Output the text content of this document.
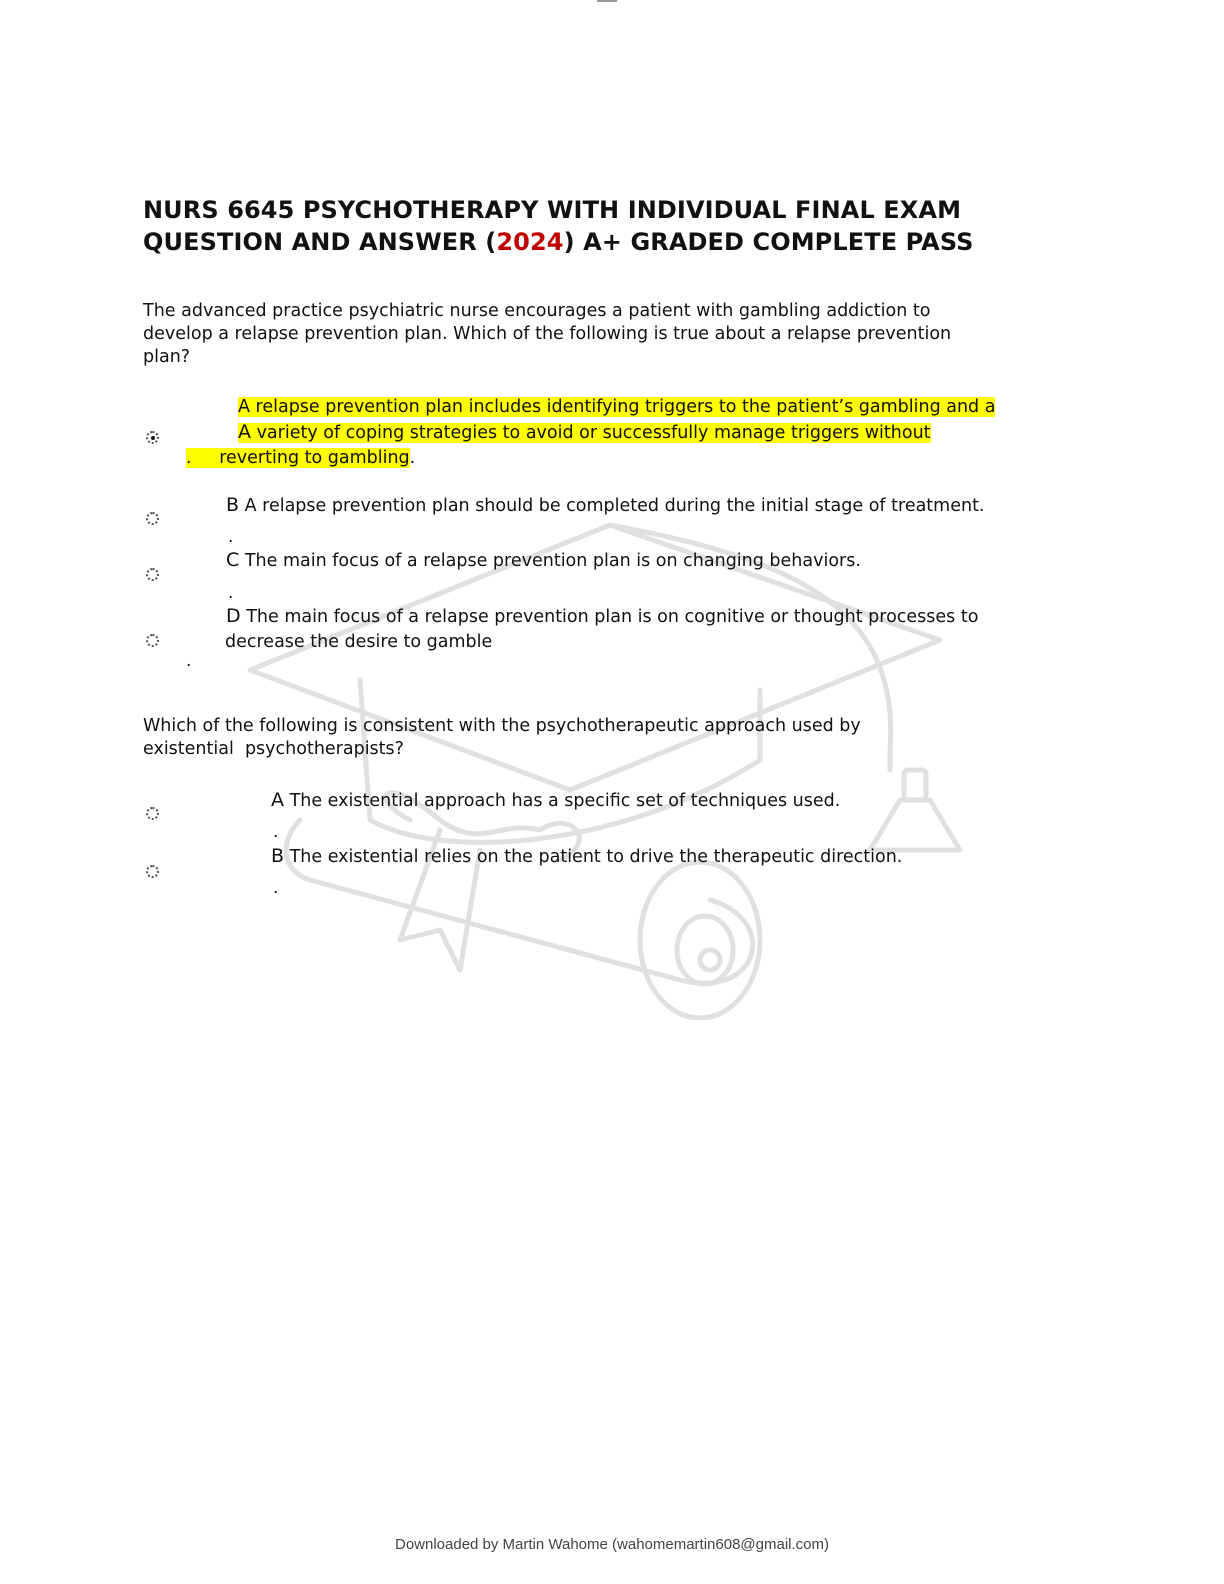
NURS 6645 PSYCHOTHERAPY WITH INDIVIDUAL FINAL EXAM
QUESTION AND ANSWER (2024) A+ GRADED COMPLETE PASS
The advanced practice psychiatric nurse encourages a patient with gambling addiction to
develop a relapse prevention plan. Which of the following is true about a relapse prevention
plan?
A relapse prevention plan includes identifying triggers to the patient’s gambling and a
A variety of coping strategies to avoid or successfully manage triggers without
. reverting to gambling.
B A relapse prevention plan should be completed during the initial stage of treatment.
.
C The main focus of a relapse prevention plan is on changing behaviors.
.
D The main focus of a relapse prevention plan is on cognitive or thought processes to
decrease the desire to gamble
.
Which of the following is consistent with the psychotherapeutic approach used by
existential  psychotherapists?
A The existential approach has a specific set of techniques used.
.
B The existential relies on the patient to drive the therapeutic direction.
.
Downloaded by Martin Wahome (wahomemartin608@gmail.com)
